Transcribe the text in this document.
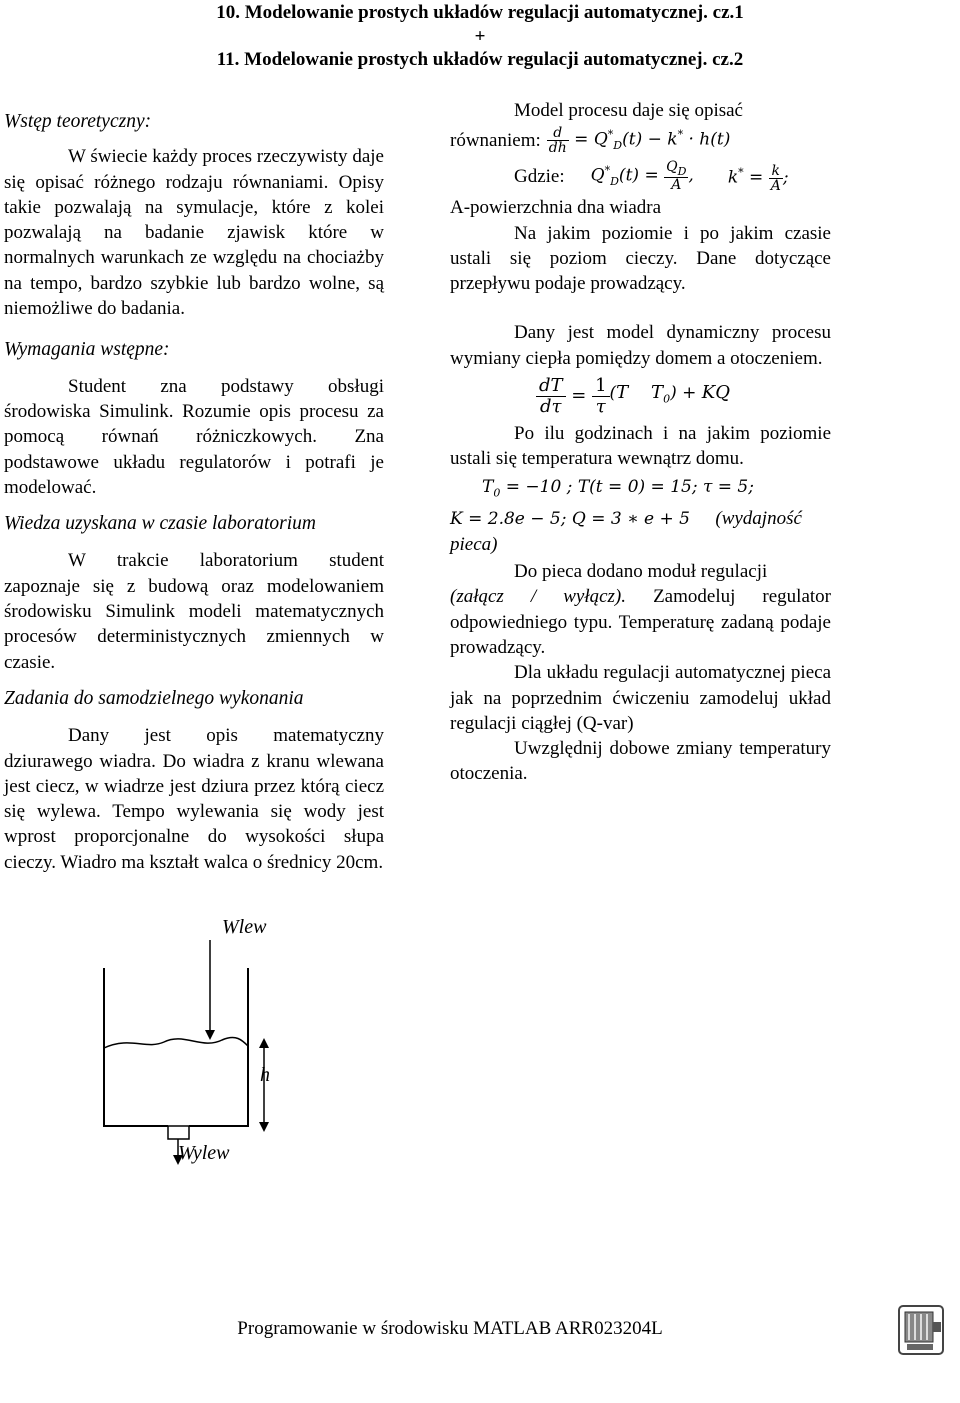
10. Modelowanie prostych układów regulacji automatycznej. cz.1
+
11. Modelowanie prostych układów regulacji automatycznej. cz.2

Wstęp teoretyczny:

W świecie każdy proces rzeczywisty daje się opisać różnego rodzaju równaniami. Opisy takie pozwalają na symulacje, które z kolei pozwalają na badanie zjawisk które w normalnych warunkach ze względu na chociażby na tempo, bardzo szybkie lub bardzo wolne, są niemożliwe do badania.

Wymagania wstępne:

Student zna podstawy obsługi środowiska Simulink. Rozumie opis procesu za pomocą równań różniczkowych. Zna podstawowe układu regulatorów i potrafi je modelować.

Wiedza uzyskana w czasie laboratorium

W trakcie laboratorium student zapoznaje się z budową oraz modelowaniem środowisku Simulink modeli matematycznych procesów deterministycznych zmiennych w czasie.

Zadania do samodzielnego wykonania

Dany jest opis matematyczny dziurawego wiadra. Do wiadra z kranu wlewana jest ciecz, w wiadrze jest dziura przez którą ciecz się wylewa. Tempo wylewania się wody jest wprost proporcjonalne do wysokości słupa cieczy. Wiadro ma kształt walca o średnicy 20cm.

Wlew
h
Wylew

Model procesu daje się opisać

równaniem: $\frac{d}{dh} = Q^*_D(t) - k^* \cdot h(t)$
Gdzie: $Q^*_D(t) = \frac{Q_D}{A}$ , $k^* = \frac{k}{A}$ ;

A-powierzchnia dna wiadra

Na jakim poziomie i po jakim czasie ustali się poziom cieczy. Dane dotyczące przepływu podaje prowadzący.

Dany jest model dynamiczny procesu wymiany ciepła pomiędzy domem a otoczeniem.

$\frac{dT}{d\tau} = \frac{1}{\tau} (T$    $T_0$) + KQ

Po ilu godzinach i na jakim poziomie ustali się temperatura wewnątrz domu.

$T_0 = -10$ ; T(t = 0) = 15; τ = 5;
K = 2.8e − 5; Q = 3 ∗ e + 5 (wydajność pieca)

Do pieca dodano moduł regulacji

(załącz / wyłącz). Zamodeluj regulator odpowiedniego typu. Temperaturę zadaną podaje prowadzący.

Dla układu regulacji automatycznej pieca jak na poprzednim ćwiczeniu zamodeluj układ regulacji ciągłej (Q-var)

Uwzględnij dobowe zmiany temperatury otoczenia.

Programowanie w środowisku MATLAB ARR023204L
